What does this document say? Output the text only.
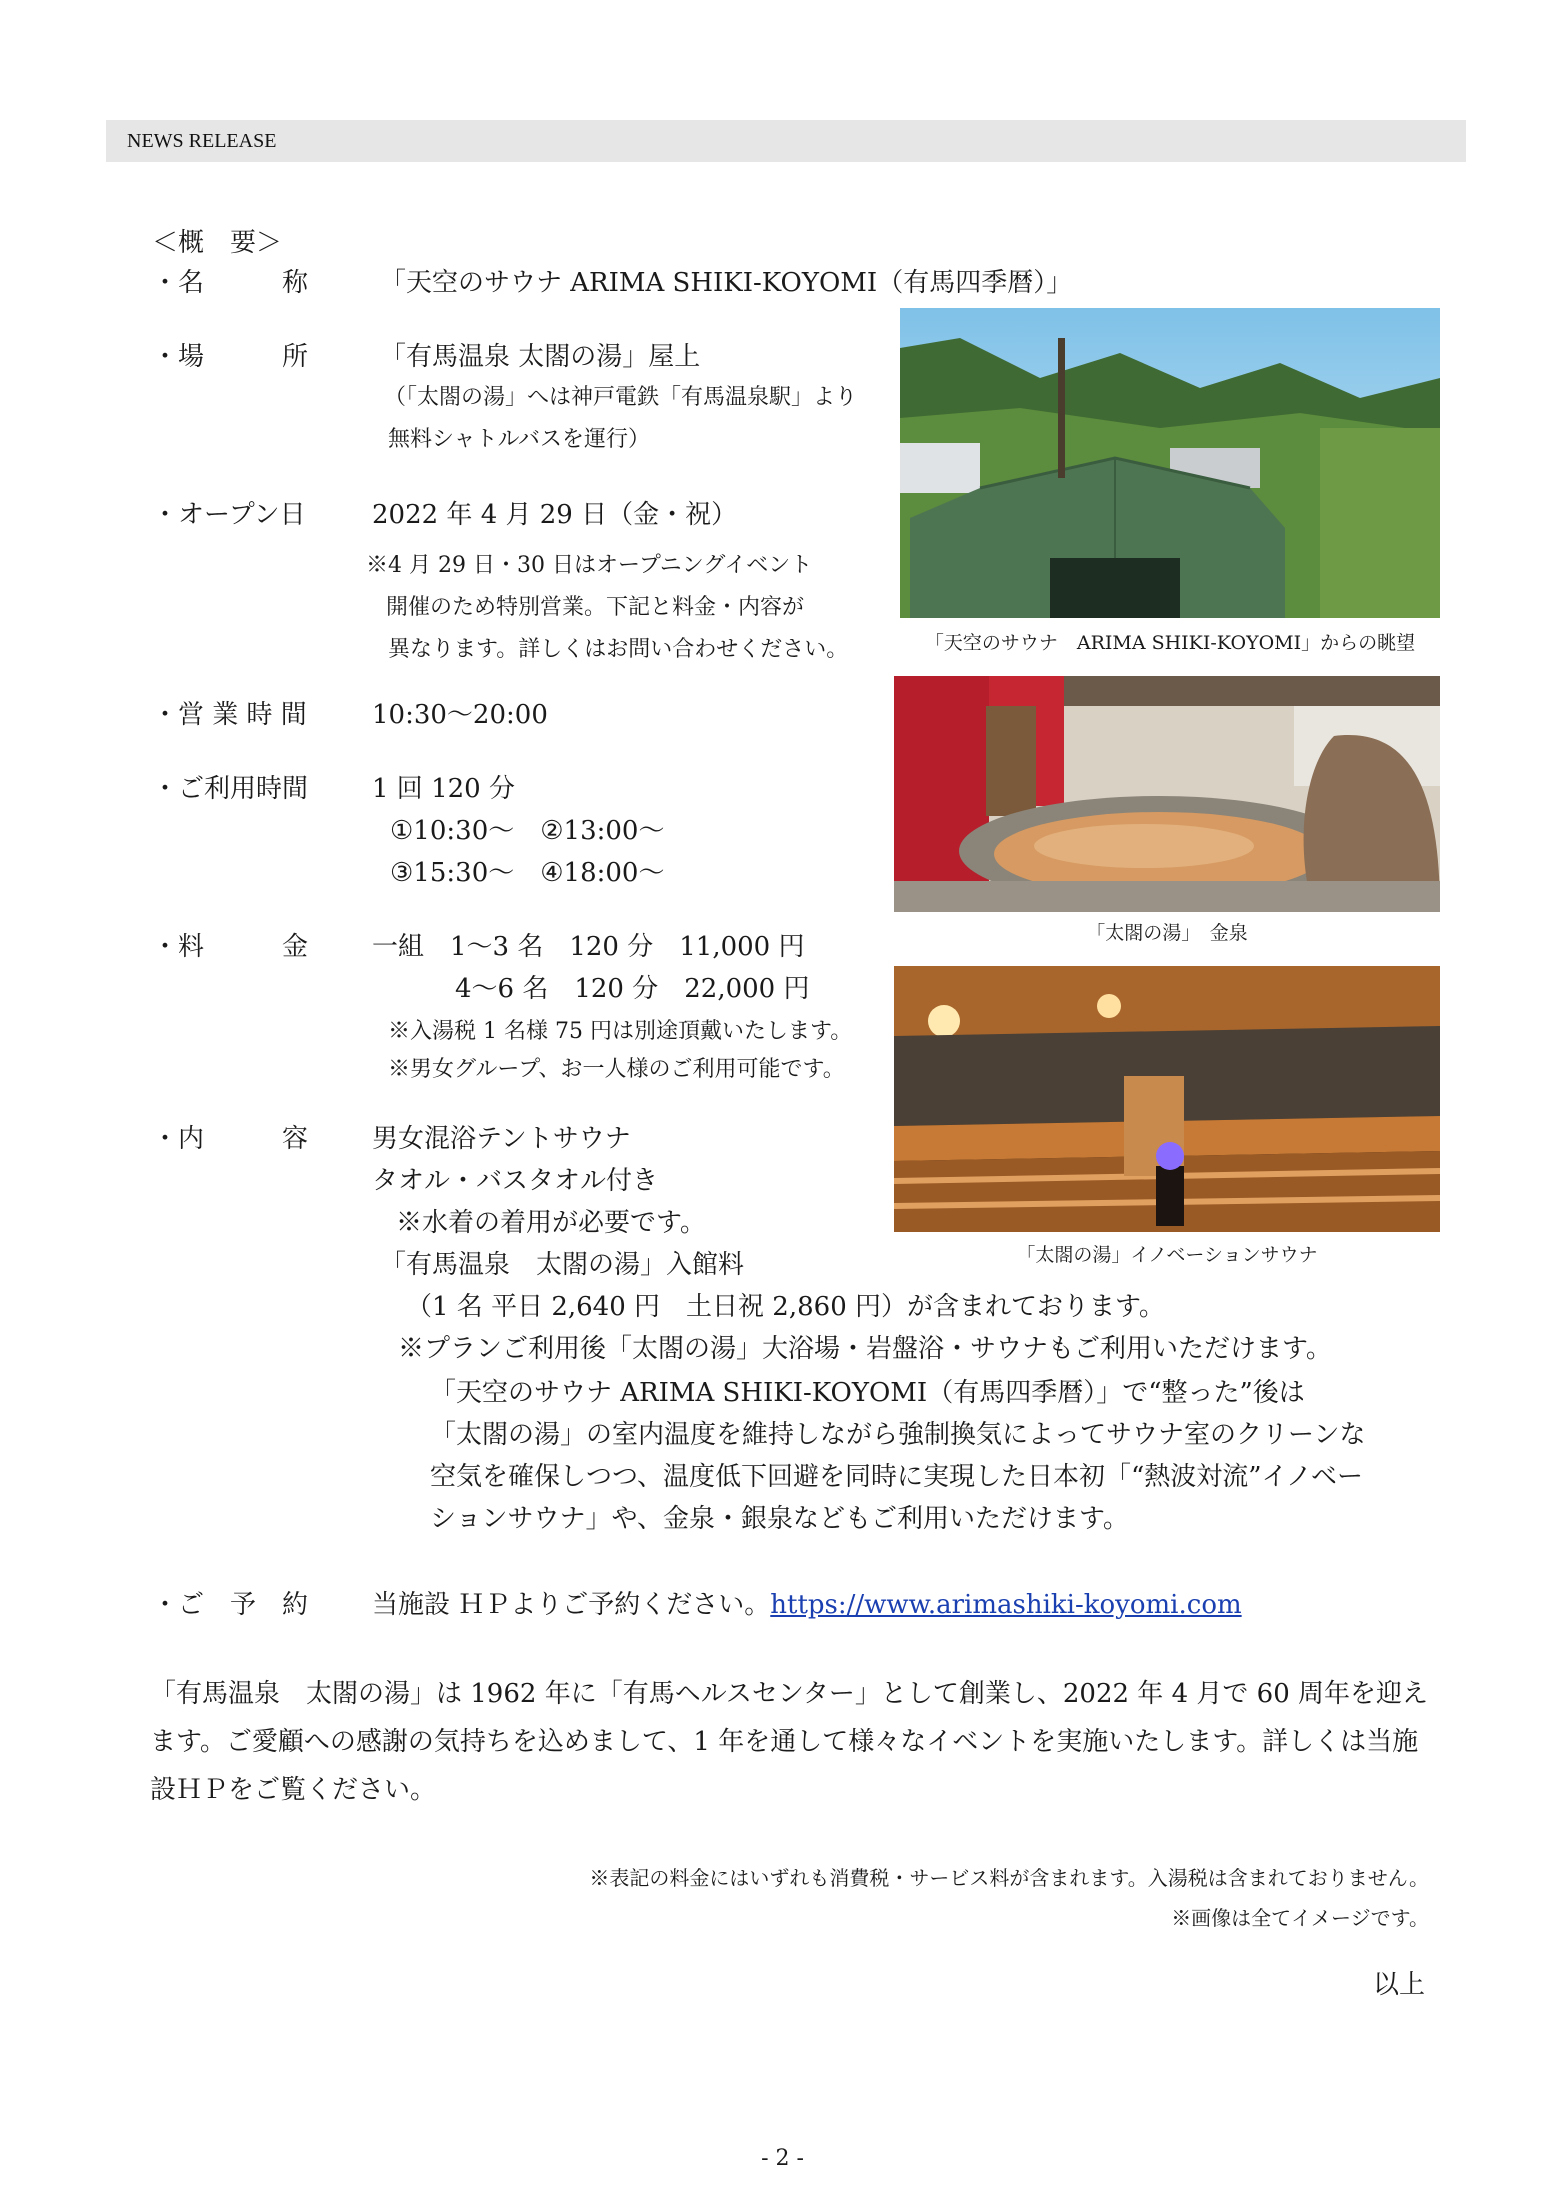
NEWS RELEASE
＜概　要＞
・名　　　称	「天空のサウナ ARIMA SHIKI-KOYOMI（有馬四季暦）」
・場　　　所	「有馬温泉 太閤の湯」屋上
（「太閤の湯」へは神戸電鉄「有馬温泉駅」より
無料シャトルバスを運行）
・オープン日	2022 年 4 月 29 日（金・祝）
※4 月 29 日・30 日はオープニングイベント
開催のため特別営業。下記と料金・内容が
異なります。詳しくはお問い合わせください。
・営 業 時 間	10:30～20:00
・ご利用時間 1 回 120 分
①10:30～　②13:00～
③15:30～　④18:00～
・料　　　金 一組　1～3 名　120 分　11,000 円
4～6 名　120 分　22,000 円
※入湯税 1 名様 75 円は別途頂戴いたします。
※男女グループ、お一人様のご利用可能です。
・内　　　容 男女混浴テントサウナ
タオル・バスタオル付き
※水着の着用が必要です。
「有馬温泉　太閤の湯」入館料
（1 名 平日 2,640 円　土日祝 2,860 円）が含まれております。
※プランご利用後「太閤の湯」大浴場・岩盤浴・サウナもご利用いただけます。
「天空のサウナ ARIMA SHIKI-KOYOMI（有馬四季暦）」で“整った”後は
「太閤の湯」の室内温度を維持しながら強制換気によってサウナ室のクリーンな
空気を確保しつつ、温度低下回避を同時に実現した日本初「“熱波対流”イノベー
ションサウナ」や、金泉・銀泉などもご利用いただけます。
・ご　予　約 当施設 ＨＰよりご予約ください。https://www.arimashiki-koyomi.com
「天空のサウナ　ARIMA SHIKI-KOYOMI」からの眺望
「太閤の湯」　金泉
「太閤の湯」イノベーションサウナ
「有馬温泉　太閤の湯」は 1962 年に「有馬ヘルスセンター」として創業し、2022 年 4 月で 60 周年を迎えます。ご愛顧への感謝の気持ちを込めまして、1 年を通して様々なイベントを実施いたします。詳しくは当施設ＨＰをご覧ください。
※表記の料金にはいずれも消費税・サービス料が含まれます。入湯税は含まれておりません。
※画像は全てイメージです。
以上
- 2 -
